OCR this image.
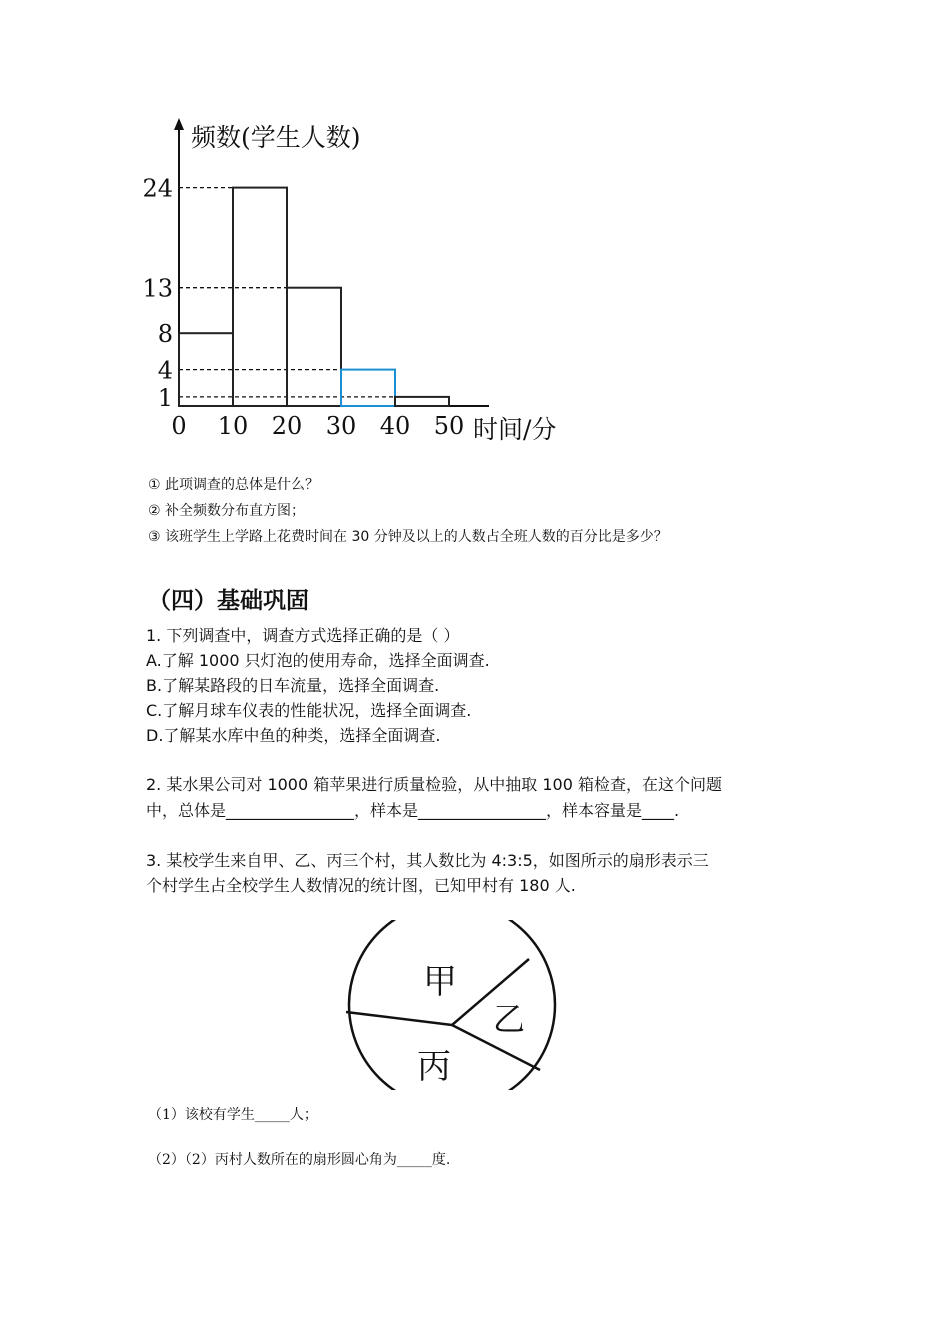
1
4
8
13
24
0 10 20 30 40 50
频数(学生人数)
时间/分
① 此项调查的总体是什么？
② 补全频数分布直方图；
③ 该班学生上学路上花费时间在 30 分钟及以上的人数占全班人数的百分比是多少？
（四）基础巩固
1. 下列调查中，调查方式选择正确的是（ ）
A.了解 1000 只灯泡的使用寿命，选择全面调查.
B.了解某路段的日车流量，选择全面调查.
C.了解月球车仪表的性能状况，选择全面调查.
D.了解某水库中鱼的种类，选择全面调查.
2. 某水果公司对 1000 箱苹果进行质量检验，从中抽取 100 箱检查，在这个问题
中，总体是________________，样本是________________，样本容量是____.
3. 某校学生来自甲、乙、丙三个村，其人数比为 4:3:5，如图所示的扇形表示三
个村学生占全校学生人数情况的统计图，已知甲村有 180 人.
甲
乙
丙
（1）该校有学生_____人；
（2）（2）丙村人数所在的扇形圆心角为_____度.
